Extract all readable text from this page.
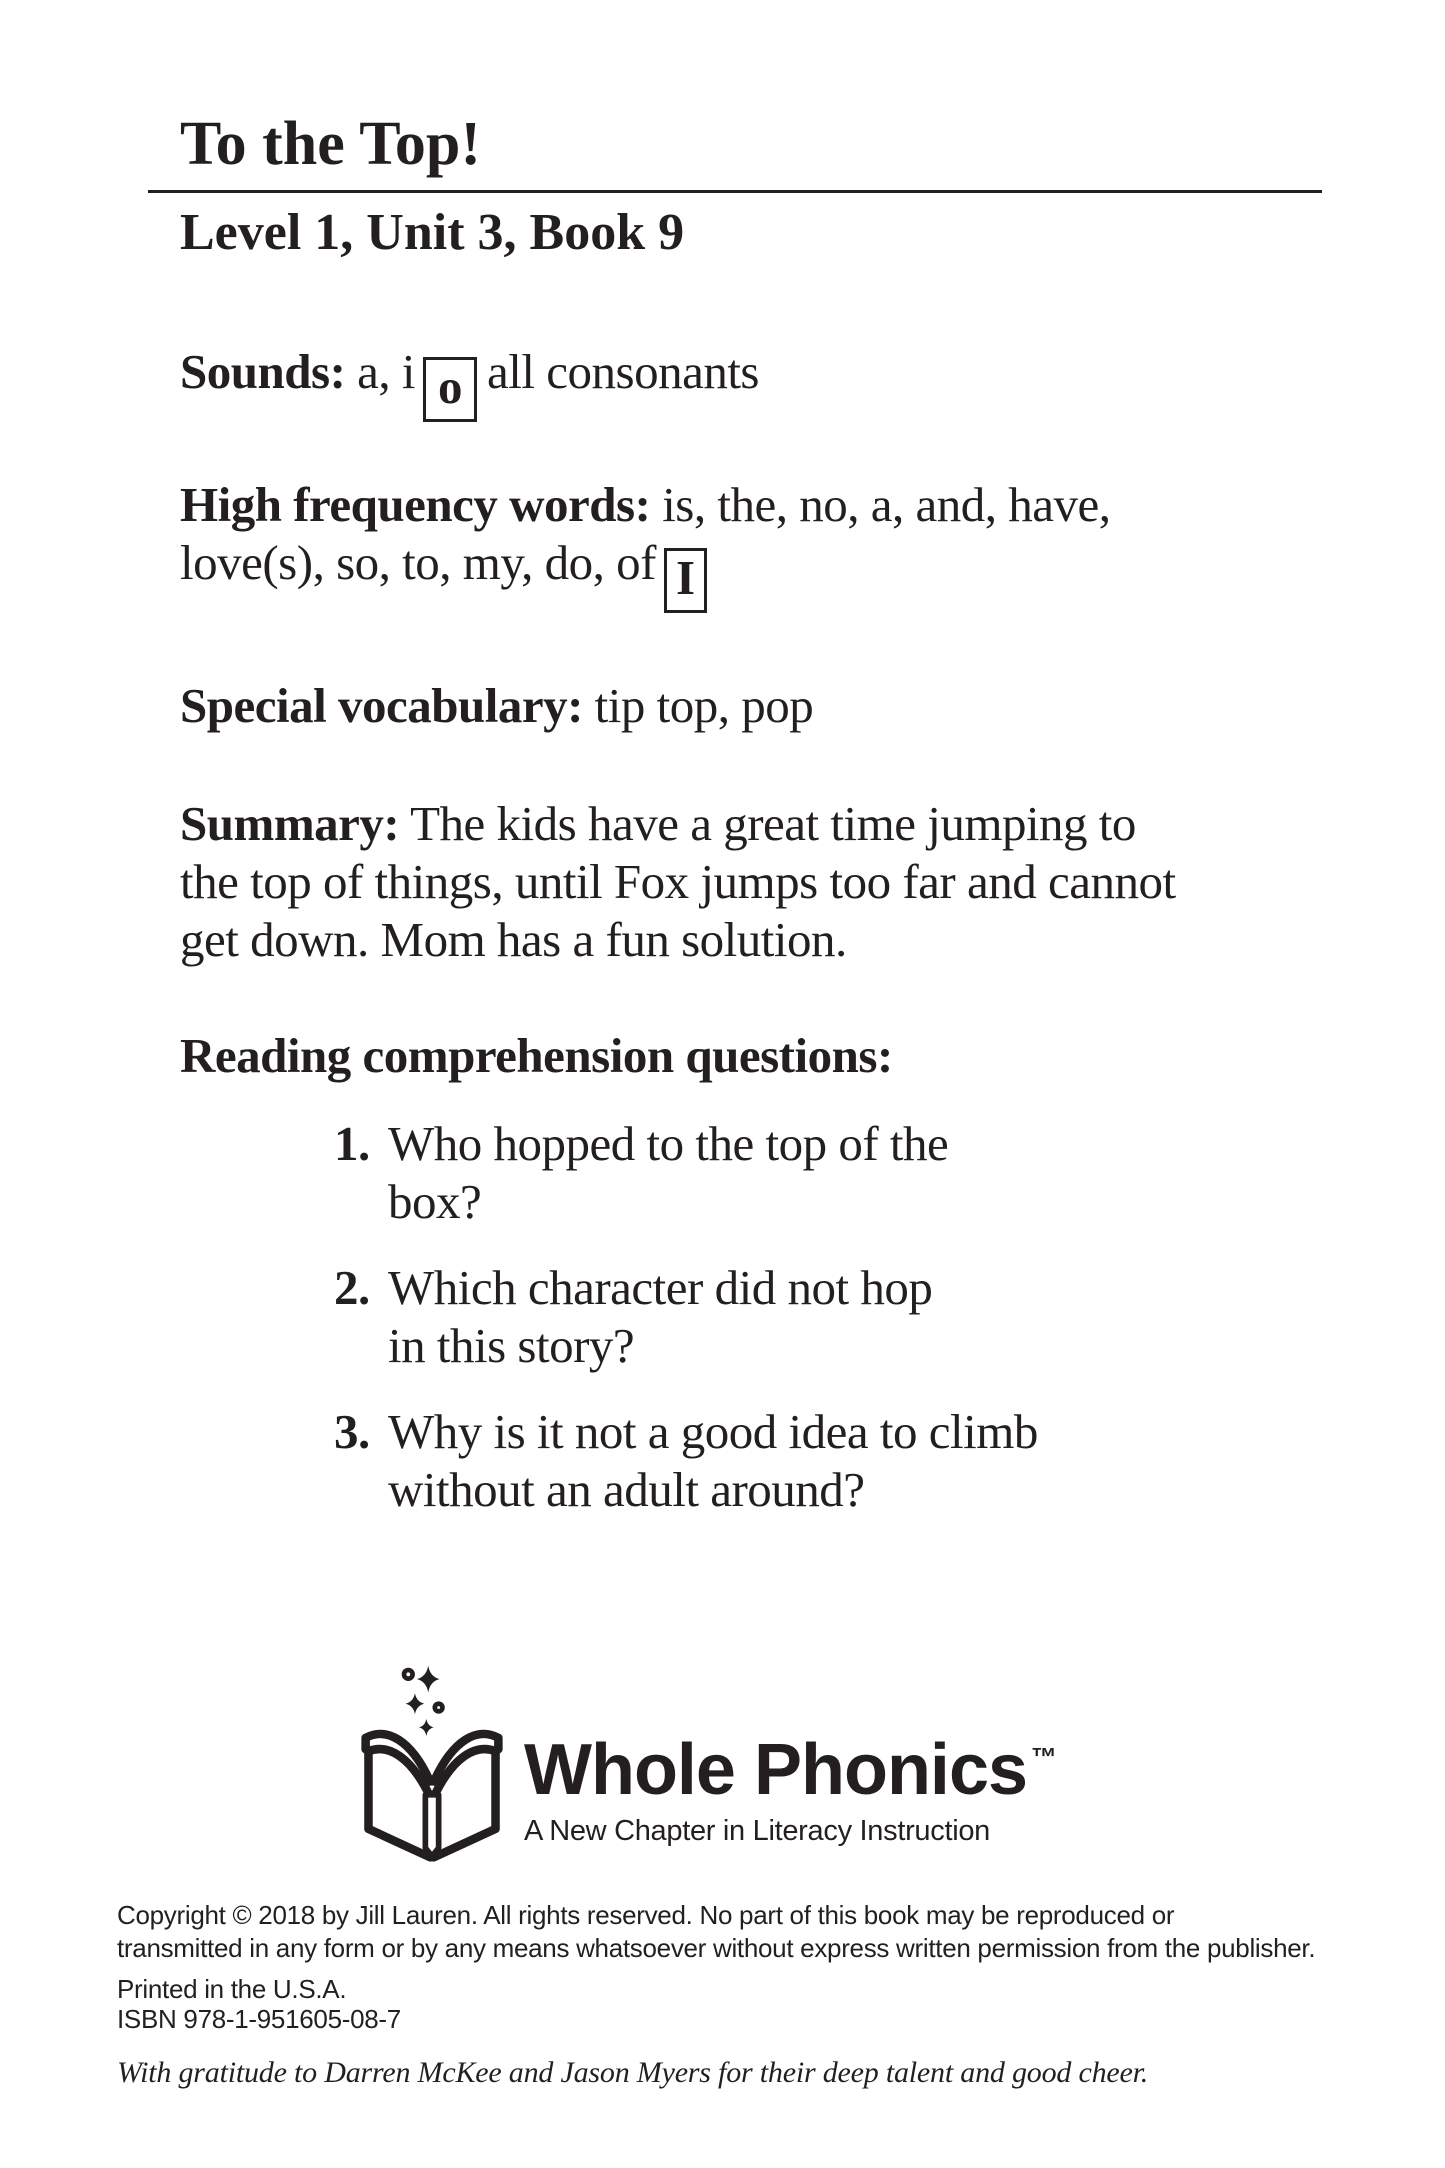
To the Top!
Level 1, Unit 3, Book 9

Sounds: a, i o all consonants

High frequency words: is, the, no, a, and, have,
love(s), so, to, my, do, of I

Special vocabulary: tip top, pop

Summary: The kids have a great time jumping to
the top of things, until Fox jumps too far and cannot
get down. Mom has a fun solution.

Reading comprehension questions:
1. Who hopped to the top of the
box?
2. Which character did not hop
in this story?
3. Why is it not a good idea to climb
without an adult around?
Whole Phonics ™
A New Chapter in Literacy Instruction

Copyright © 2018 by Jill Lauren. All rights reserved. No part of this book may be reproduced or
transmitted in any form or by any means whatsoever without express written permission from the publisher.

Printed in the U.S.A.
ISBN 978-1-951605-08-7

With gratitude to Darren McKee and Jason Myers for their deep talent and good cheer.
